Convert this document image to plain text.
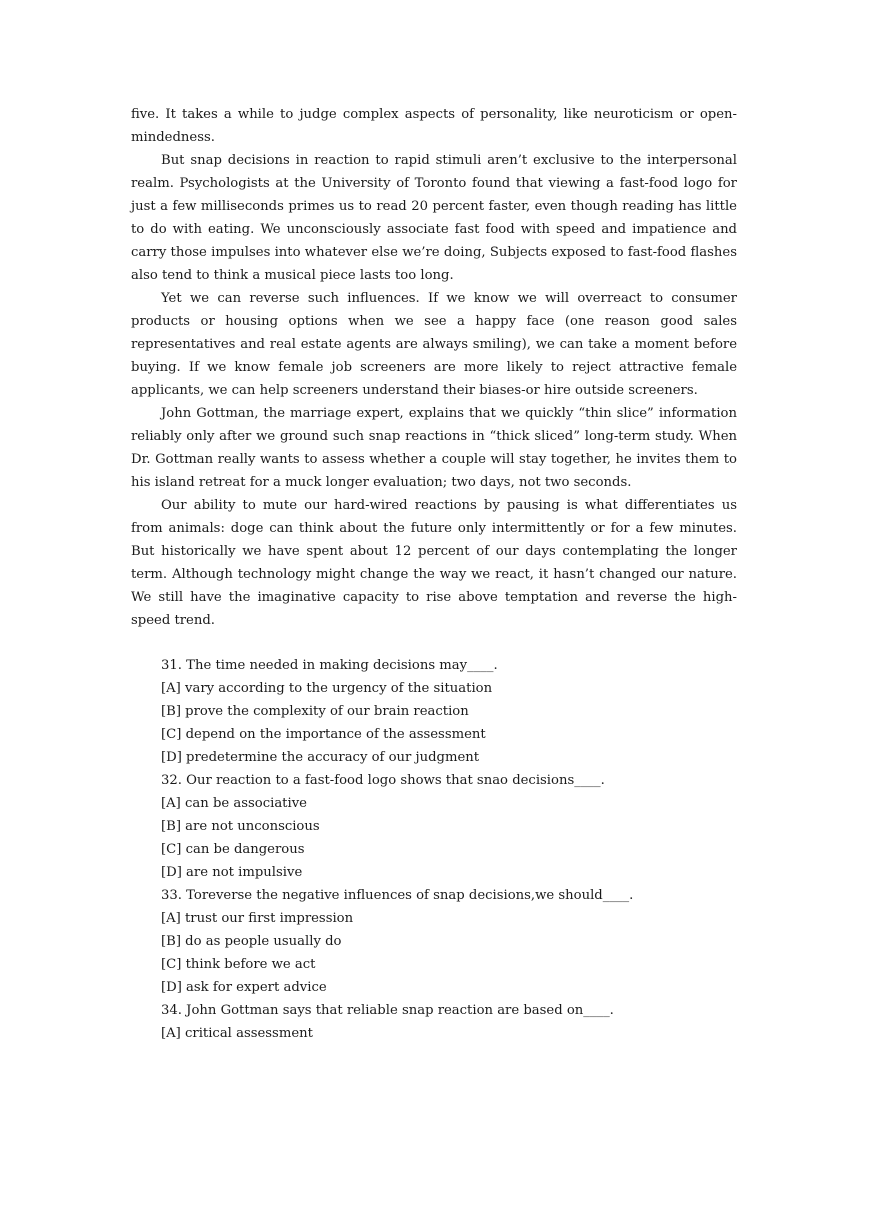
five. It takes a while to judge complex aspects of personality, like neuroticism or open-mindedness.

But snap decisions in reaction to rapid stimuli aren’t exclusive to the interpersonal realm. Psychologists at the University of Toronto found that viewing a fast-food logo for just a few milliseconds primes us to read 20 percent faster, even though reading has little to do with eating. We unconsciously associate fast food with speed and impatience and carry those impulses into whatever else we’re doing, Subjects exposed to fast-food flashes also tend to think a musical piece lasts too long.

Yet we can reverse such influences. If we know we will overreact to consumer products or housing options when we see a happy face (one reason good sales representatives and real estate agents are always smiling), we can take a moment before buying. If we know female job screeners are more likely to reject attractive female applicants, we can help screeners understand their biases-or hire outside screeners.

John Gottman, the marriage expert, explains that we quickly “thin slice” information reliably only after we ground such snap reactions in “thick sliced” long-term study. When Dr. Gottman really wants to assess whether a couple will stay together, he invites them to his island retreat for a muck longer evaluation; two days, not two seconds.

Our ability to mute our hard-wired reactions by pausing is what differentiates us from animals: doge can think about the future only intermittently or for a few minutes. But historically we have spent about 12 percent of our days contemplating the longer term. Although technology might change the way we react, it hasn’t changed our nature. We still have the imaginative capacity to rise above temptation and reverse the high-speed trend.

31. The time needed in making decisions may____.
[A] vary according to the urgency of the situation
[B] prove the complexity of our brain reaction
[C] depend on the importance of the assessment
[D] predetermine the accuracy of our judgment
32. Our reaction to a fast-food logo shows that snao decisions____.
[A] can be associative
[B] are not unconscious
[C] can be dangerous
[D] are not impulsive
33. Toreverse the negative influences of snap decisions,we should____.
[A] trust our first impression
[B] do as people usually do
[C] think before we act
[D] ask for expert advice
34. John Gottman says that reliable snap reaction are based on____.
[A] critical assessment
